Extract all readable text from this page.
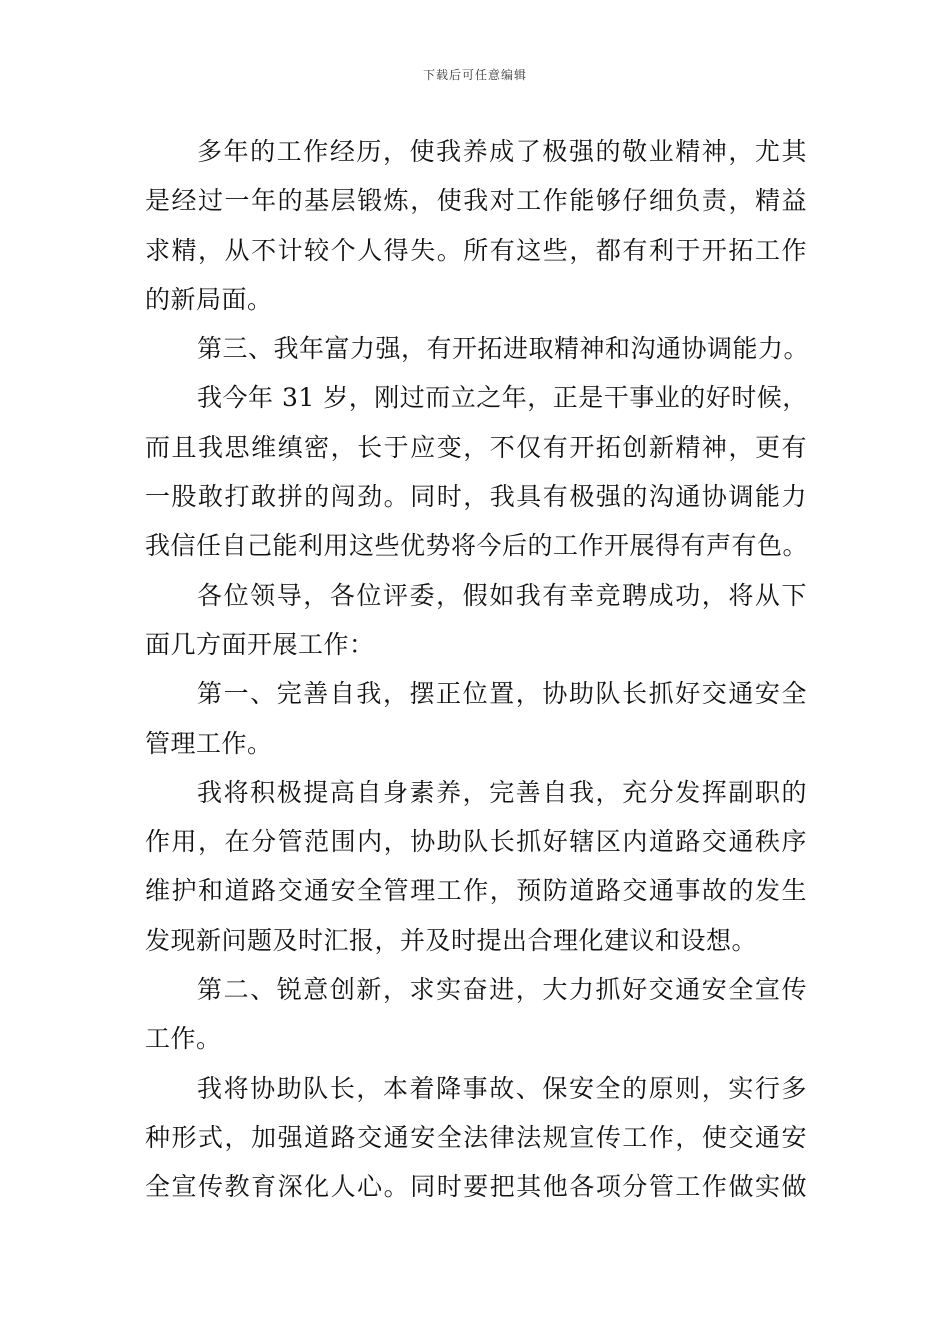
下载后可任意编辑
多年的工作经历，使我养成了极强的敬业精神，尤其
是经过一年的基层锻炼，使我对工作能够仔细负责，精益
求精，从不计较个人得失。所有这些，都有利于开拓工作
的新局面。
第三、我年富力强，有开拓进取精神和沟通协调能力。
我今年 31 岁，刚过而立之年，正是干事业的好时候，
而且我思维缜密，长于应变，不仅有开拓创新精神，更有
一股敢打敢拼的闯劲。同时，我具有极强的沟通协调能力
我信任自己能利用这些优势将今后的工作开展得有声有色。
各位领导，各位评委，假如我有幸竞聘成功，将从下
面几方面开展工作：
第一、完善自我，摆正位置，协助队长抓好交通安全
管理工作。
我将积极提高自身素养，完善自我，充分发挥副职的
作用，在分管范围内，协助队长抓好辖区内道路交通秩序
维护和道路交通安全管理工作，预防道路交通事故的发生
发现新问题及时汇报，并及时提出合理化建议和设想。
第二、锐意创新，求实奋进，大力抓好交通安全宣传
工作。
我将协助队长，本着降事故、保安全的原则，实行多
种形式，加强道路交通安全法律法规宣传工作，使交通安
全宣传教育深化人心。同时要把其他各项分管工作做实做
